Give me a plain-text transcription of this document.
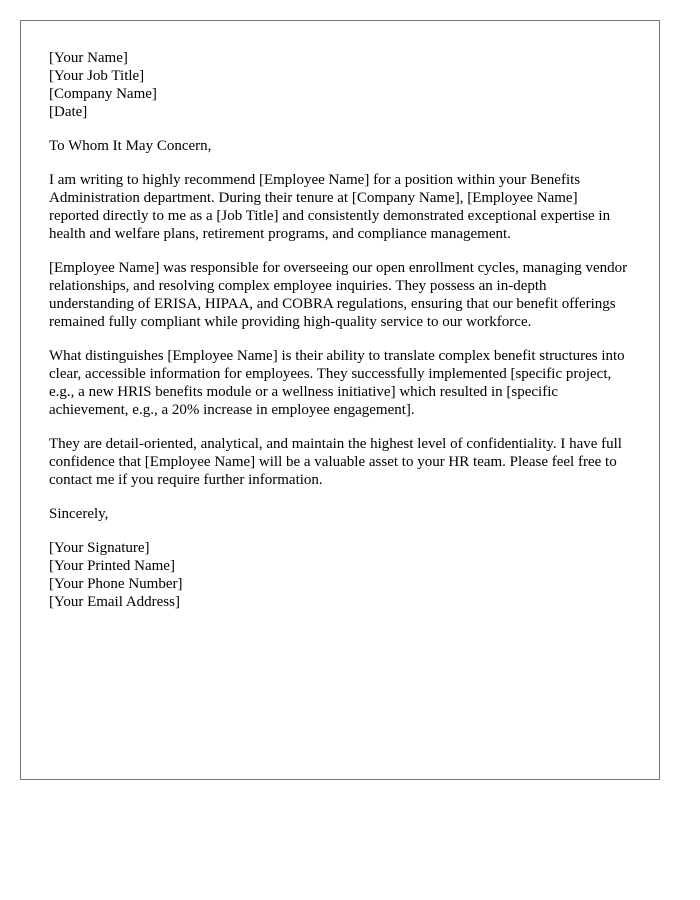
[Your Name]
[Your Job Title]
[Company Name]
[Date]

To Whom It May Concern,

I am writing to highly recommend [Employee Name] for a position within your Benefits Administration department. During their tenure at [Company Name], [Employee Name] reported directly to me as a [Job Title] and consistently demonstrated exceptional expertise in health and welfare plans, retirement programs, and compliance management.

[Employee Name] was responsible for overseeing our open enrollment cycles, managing vendor relationships, and resolving complex employee inquiries. They possess an in-depth understanding of ERISA, HIPAA, and COBRA regulations, ensuring that our benefit offerings remained fully compliant while providing high-quality service to our workforce.

What distinguishes [Employee Name] is their ability to translate complex benefit structures into clear, accessible information for employees. They successfully implemented [specific project, e.g., a new HRIS benefits module or a wellness initiative] which resulted in [specific achievement, e.g., a 20% increase in employee engagement].

They are detail-oriented, analytical, and maintain the highest level of confidentiality. I have full confidence that [Employee Name] will be a valuable asset to your HR team. Please feel free to contact me if you require further information.

Sincerely,

[Your Signature]
[Your Printed Name]
[Your Phone Number]
[Your Email Address]
